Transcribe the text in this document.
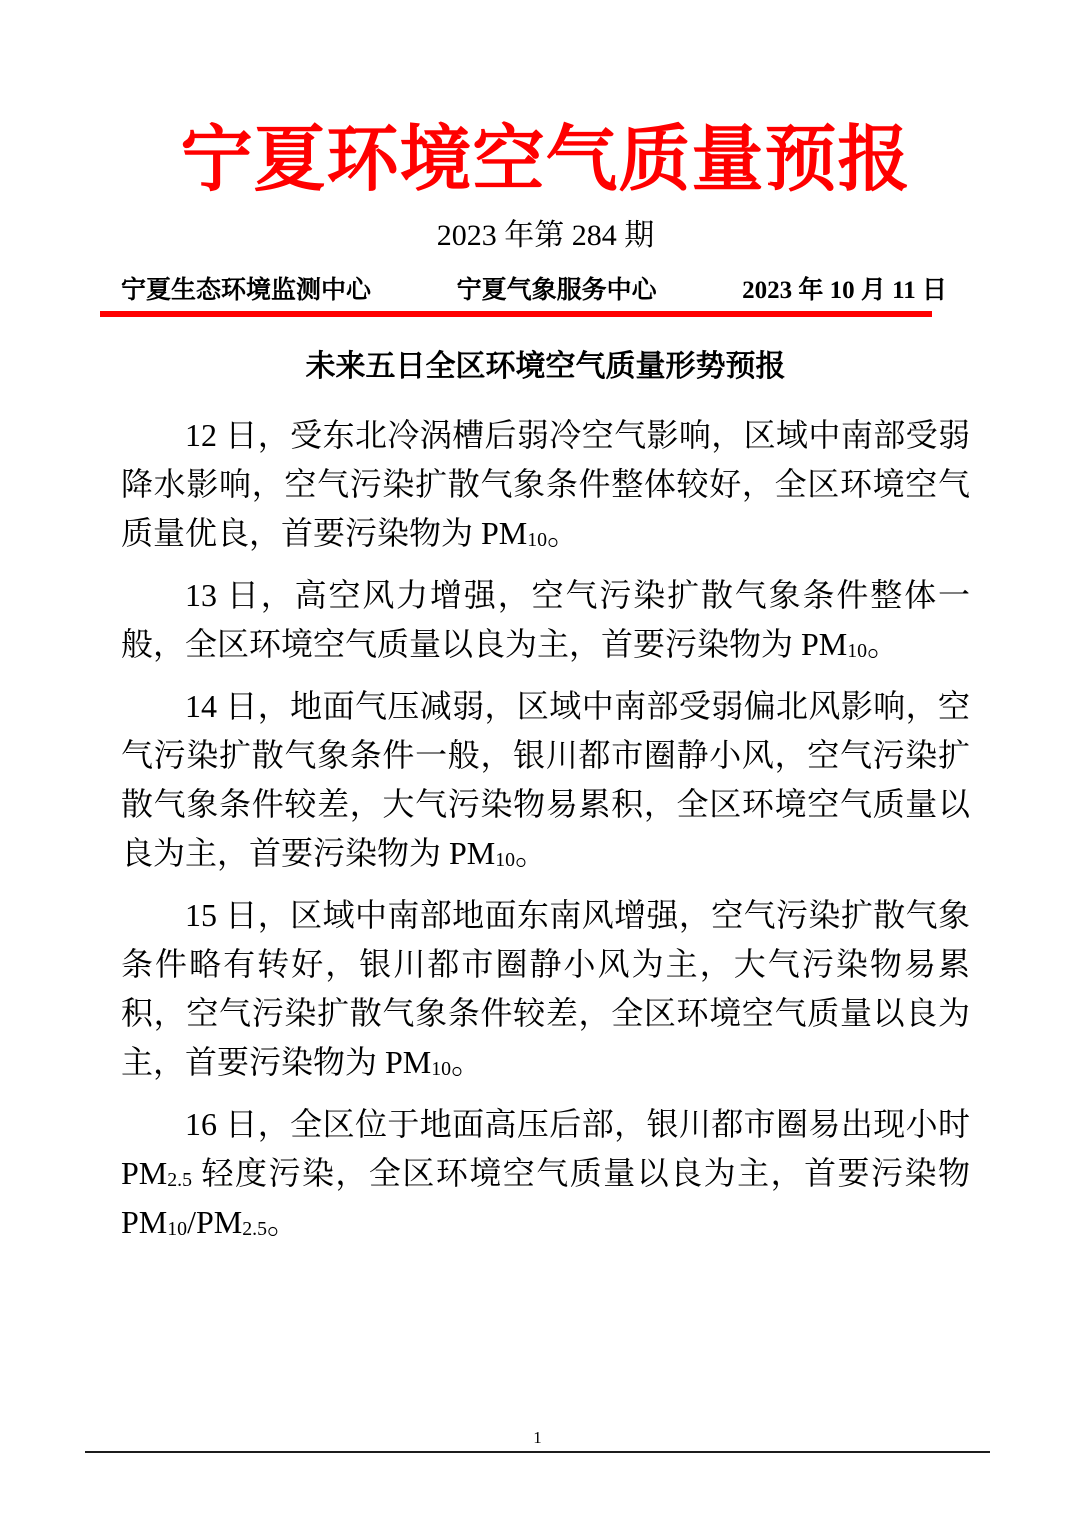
宁夏环境空气质量预报
2023 年第 284 期
宁夏生态环境监测中心	宁夏气象服务中心	2023 年 10 月 11 日
未来五日全区环境空气质量形势预报

12 日，受东北冷涡槽后弱冷空气影响，区域中南部受弱降水影响，空气污染扩散气象条件整体较好，全区环境空气质量优良，首要污染物为 $PM_{10}$。

13 日，高空风力增强，空气污染扩散气象条件整体一般，全区环境空气质量以良为主，首要污染物为 $PM_{10}$。

14 日，地面气压减弱，区域中南部受弱偏北风影响，空气污染扩散气象条件一般，银川都市圈静小风，空气污染扩散气象条件较差，大气污染物易累积，全区环境空气质量以良为主，首要污染物为 $PM_{10}$。

15 日，区域中南部地面东南风增强，空气污染扩散气象条件略有转好，银川都市圈静小风为主，大气污染物易累积，空气污染扩散气象条件较差，全区环境空气质量以良为主，首要污染物为 $PM_{10}$。

16 日，全区位于地面高压后部，银川都市圈易出现小时 $PM_{2.5}$ 轻度污染，全区环境空气质量以良为主，首要污染物 $PM_{10}/PM_{2.5}$。

1
